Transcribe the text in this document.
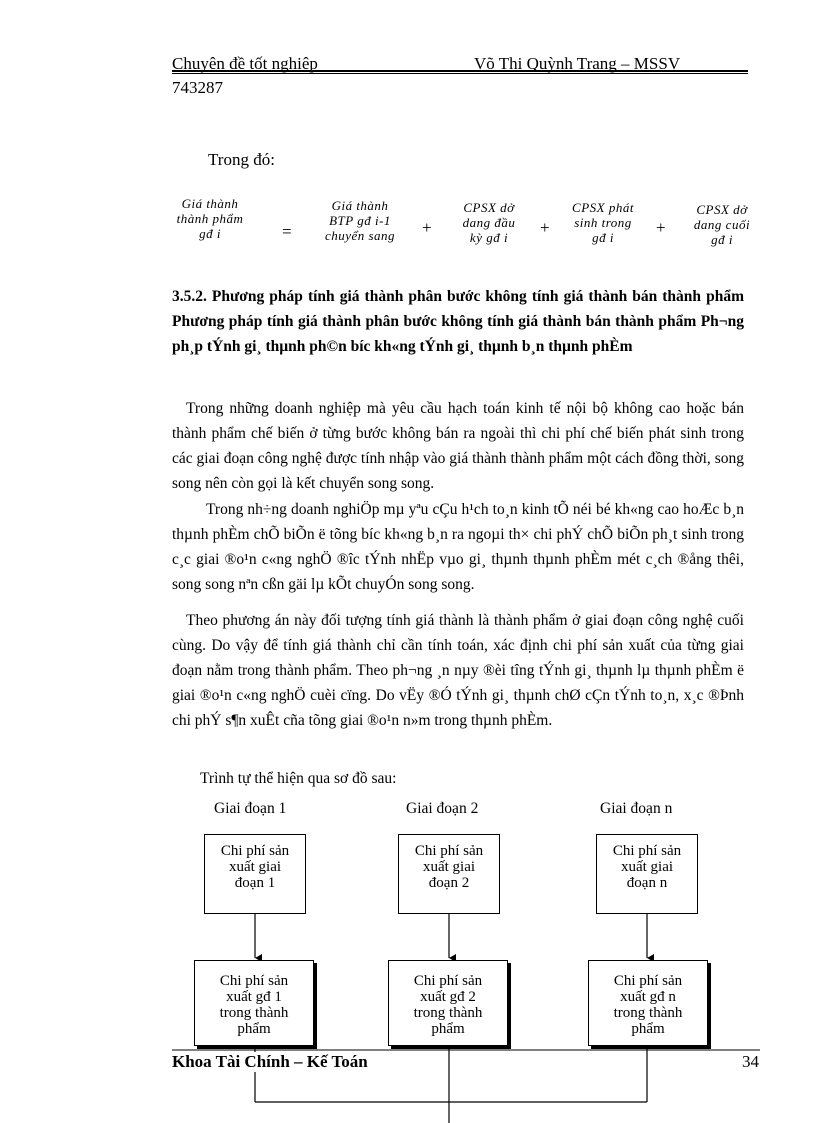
Chuyên đề tốt nghiệp	Võ Thị Quỳnh Trang – MSSV
743287
Trong đó:
Giá thành
thành phẩm
gđ i	=
Giá thành
BTP gđ i-1
chuyển sang	+
CPSX dở
dang đầu
kỳ gđ i
+
CPSX phát
sinh trong
gđ i
+
CPSX dở
dang cuối
gđ i
3.5.2. Phương pháp tính giá thành phân bước không tính giá thành bán thành phẩm Phương pháp tính giá thành phân bước không tính giá thành bán thành phẩm Ph¬ng ph¸p tÝnh gi¸ thµnh ph©n bíc kh«ng tÝnh gi¸ thµnh b¸n thµnh phÈm
Trong những doanh nghiệp mà yêu cầu hạch toán kinh tế nội bộ không cao hoặc bán thành phẩm chế biến ở từng bước không bán ra ngoài thì chi phí chế biến phát sinh trong các giai đoạn công nghệ được tính nhập vào giá thành thành phẩm một cách đồng thời, song song nên còn gọi là kết chuyển song song.
Trong nh÷ng doanh nghiÖp mµ yªu cÇu h¹ch to¸n kinh tÕ néi bé kh«ng cao hoÆc b¸n thµnh phÈm chÕ biÕn ë tõng bíc kh«ng b¸n ra ngoµi th× chi phÝ chÕ biÕn ph¸t sinh trong c¸c giai ®o¹n c«ng nghÖ ®îc tÝnh nhËp vµo gi¸ thµnh thµnh phÈm mét c¸ch ®ång thêi, song song nªn cßn gäi lµ kÕt chuyÓn song song.
Theo phương án này đối tượng tính giá thành là thành phẩm ở giai đoạn công nghệ cuối cùng. Do vậy để tính giá thành chỉ cần tính toán, xác định chi phí sản xuất của từng giai đoạn nằm trong thành phẩm. Theo ph¬ng ¸n nµy ®èi tîng tÝnh gi¸ thµnh lµ thµnh phÈm ë giai ®o¹n c«ng nghÖ cuèi cïng. Do vËy ®Ó tÝnh gi¸ thµnh chØ cÇn tÝnh to¸n, x¸c ®Þnh chi phÝ s¶n xuÊt cña tõng giai ®o¹n n»m trong thµnh phÈm.
Trình tự thể hiện qua sơ đồ sau:
Giai đoạn 1	Giai đoạn 2	Giai đoạn n
Chi phí sản
xuất giai
đoạn 1
Chi phí sản
xuất giai
đoạn 2
Chi phí sản
xuất giai
đoạn n
Chi phí sản
xuất gđ 1
trong thành
phẩm
Chi phí sản
xuất gđ 2
trong thành
phẩm
Chi phí sản
xuất gđ n
trong thành
phẩm
Khoa Tài Chính – Kế Toán	34
